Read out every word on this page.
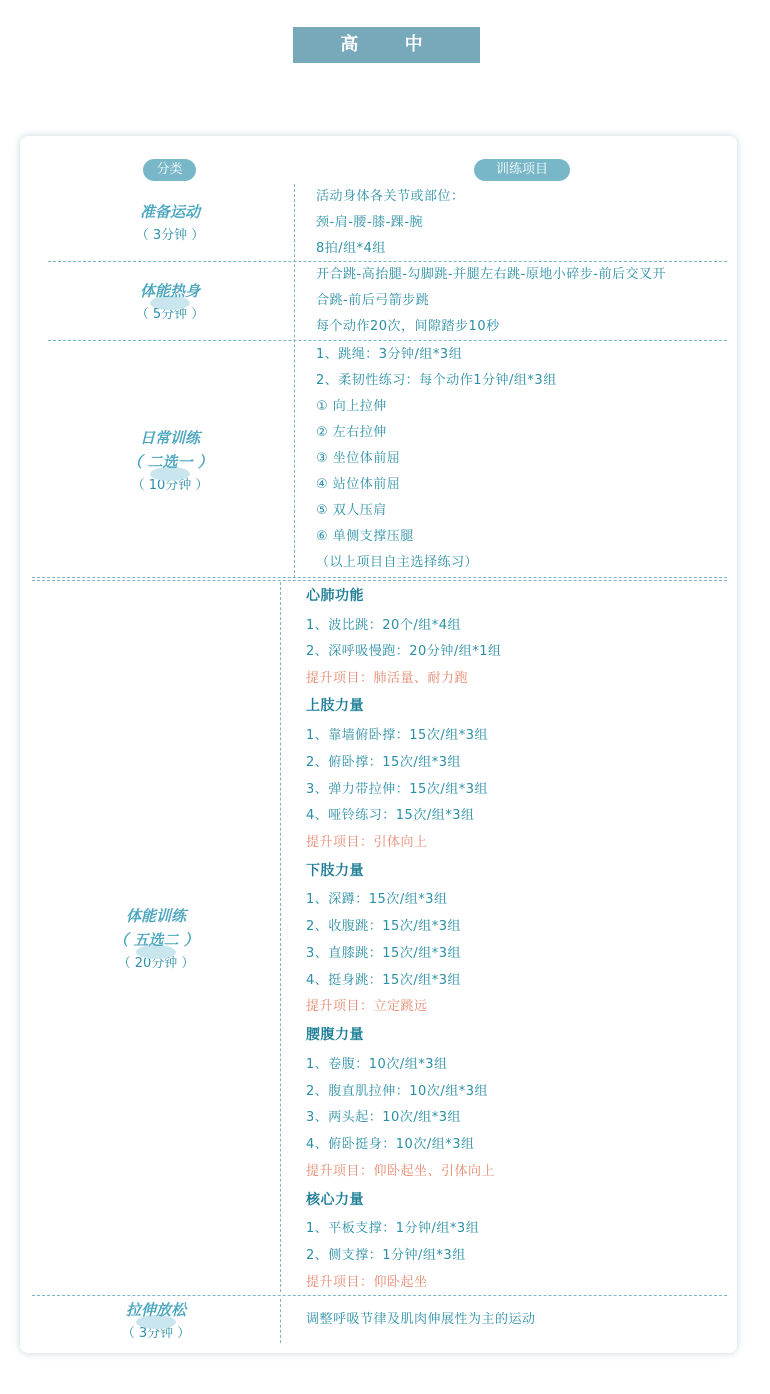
高 中
分类	训练项目
准备运动
（ 3分钟 ）
活动身体各关节或部位：
颈-肩-腰-膝-踝-腕
8拍/组*4组
体能热身
（ 5分钟 ）
开合跳-高抬腿-勾脚跳-并腿左右跳-原地小碎步-前后交叉开
合跳-前后弓箭步跳
每个动作20次，间隙踏步10秒
日常训练
（ 二选一 ）
（ 10分钟 ）
1、跳绳：3分钟/组*3组
2、柔韧性练习：每个动作1分钟/组*3组
① 向上拉伸
② 左右拉伸
③ 坐位体前屈
④ 站位体前屈
⑤ 双人压肩
⑥ 单侧支撑压腿
（以上项目自主选择练习）
体能训练
（ 五选二 ）
（ 20分钟 ）
心肺功能
1、波比跳：20个/组*4组
2、深呼吸慢跑：20分钟/组*1组
提升项目：肺活量、耐力跑
上肢力量
1、靠墙俯卧撑：15次/组*3组
2、俯卧撑：15次/组*3组
3、弹力带拉伸：15次/组*3组
4、哑铃练习：15次/组*3组
提升项目：引体向上
下肢力量
1、深蹲：15次/组*3组
2、收腹跳：15次/组*3组
3、直膝跳：15次/组*3组
4、挺身跳：15次/组*3组
提升项目：立定跳远
腰腹力量
1、卷腹：10次/组*3组
2、腹直肌拉伸：10次/组*3组
3、两头起：10次/组*3组
4、俯卧挺身：10次/组*3组
提升项目：仰卧起坐、引体向上
核心力量
1、平板支撑：1分钟/组*3组
2、侧支撑：1分钟/组*3组
提升项目：仰卧起坐
拉伸放松
（ 3分钟 ）
调整呼吸节律及肌肉伸展性为主的运动
